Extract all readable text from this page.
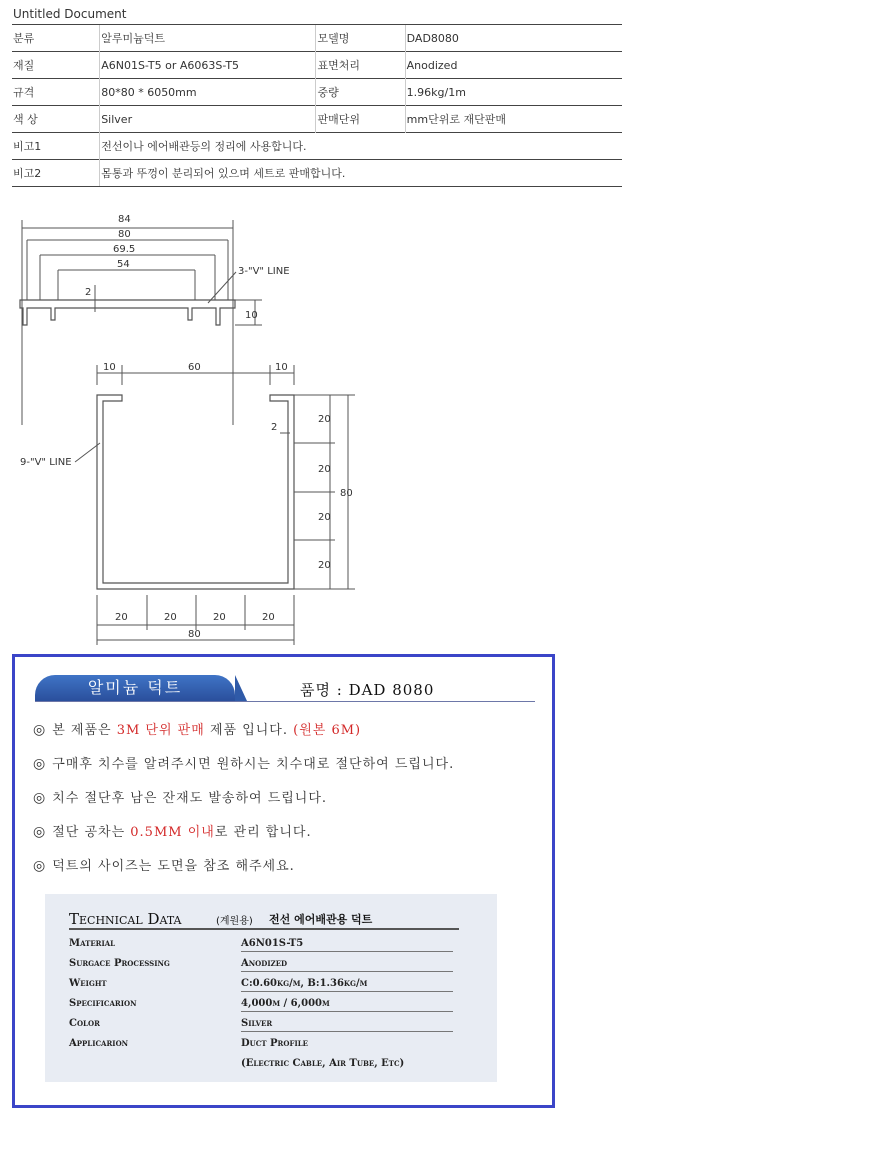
Untitled Document
분류	알루미늄덕트	모델명	DAD8080
재질	A6N01S-T5 or A6063S-T5	표면처리	Anodized
규격	80*80 * 6050mm	중량	1.96kg/1m
색 상	Silver	판매단위	mm단위로 재단판매
비고1	전선이나 에어배관등의 정리에 사용합니다.		
비고2	몸통과 뚜껑이 분리되어 있으며 세트로 판매합니다.		
84
80
69.5
54
2
10
3-"V" LINE
10	60	10
2
20
20
20
20
80
20	20	20	20
80
9-"V" LINE
알미늄 덕트	품명 : DAD 8080
◎ 본 제품은 3M 단위 판매 제품 입니다. (원본 6M)
◎ 구매후 치수를 알려주시면 원하시는 치수대로 절단하여 드립니다.
◎ 치수 절단후 남은 잔재도 발송하여 드립니다.
◎ 절단 공차는 0.5MM 이내로 관리 합니다.
◎ 덕트의 사이즈는 도면을 참조 해주세요.
Technical Data	(계원용) 전선 에어배관용 덕트
Material	A6N01S-T5
Surgace Processing	Anodized
Weight	C:0.60kg/m, B:1.36kg/m
Specificarion	4,000m / 6,000m
Color	Silver
Applicarion	Duct Profile
(Electric Cable, Air Tube, Etc)
